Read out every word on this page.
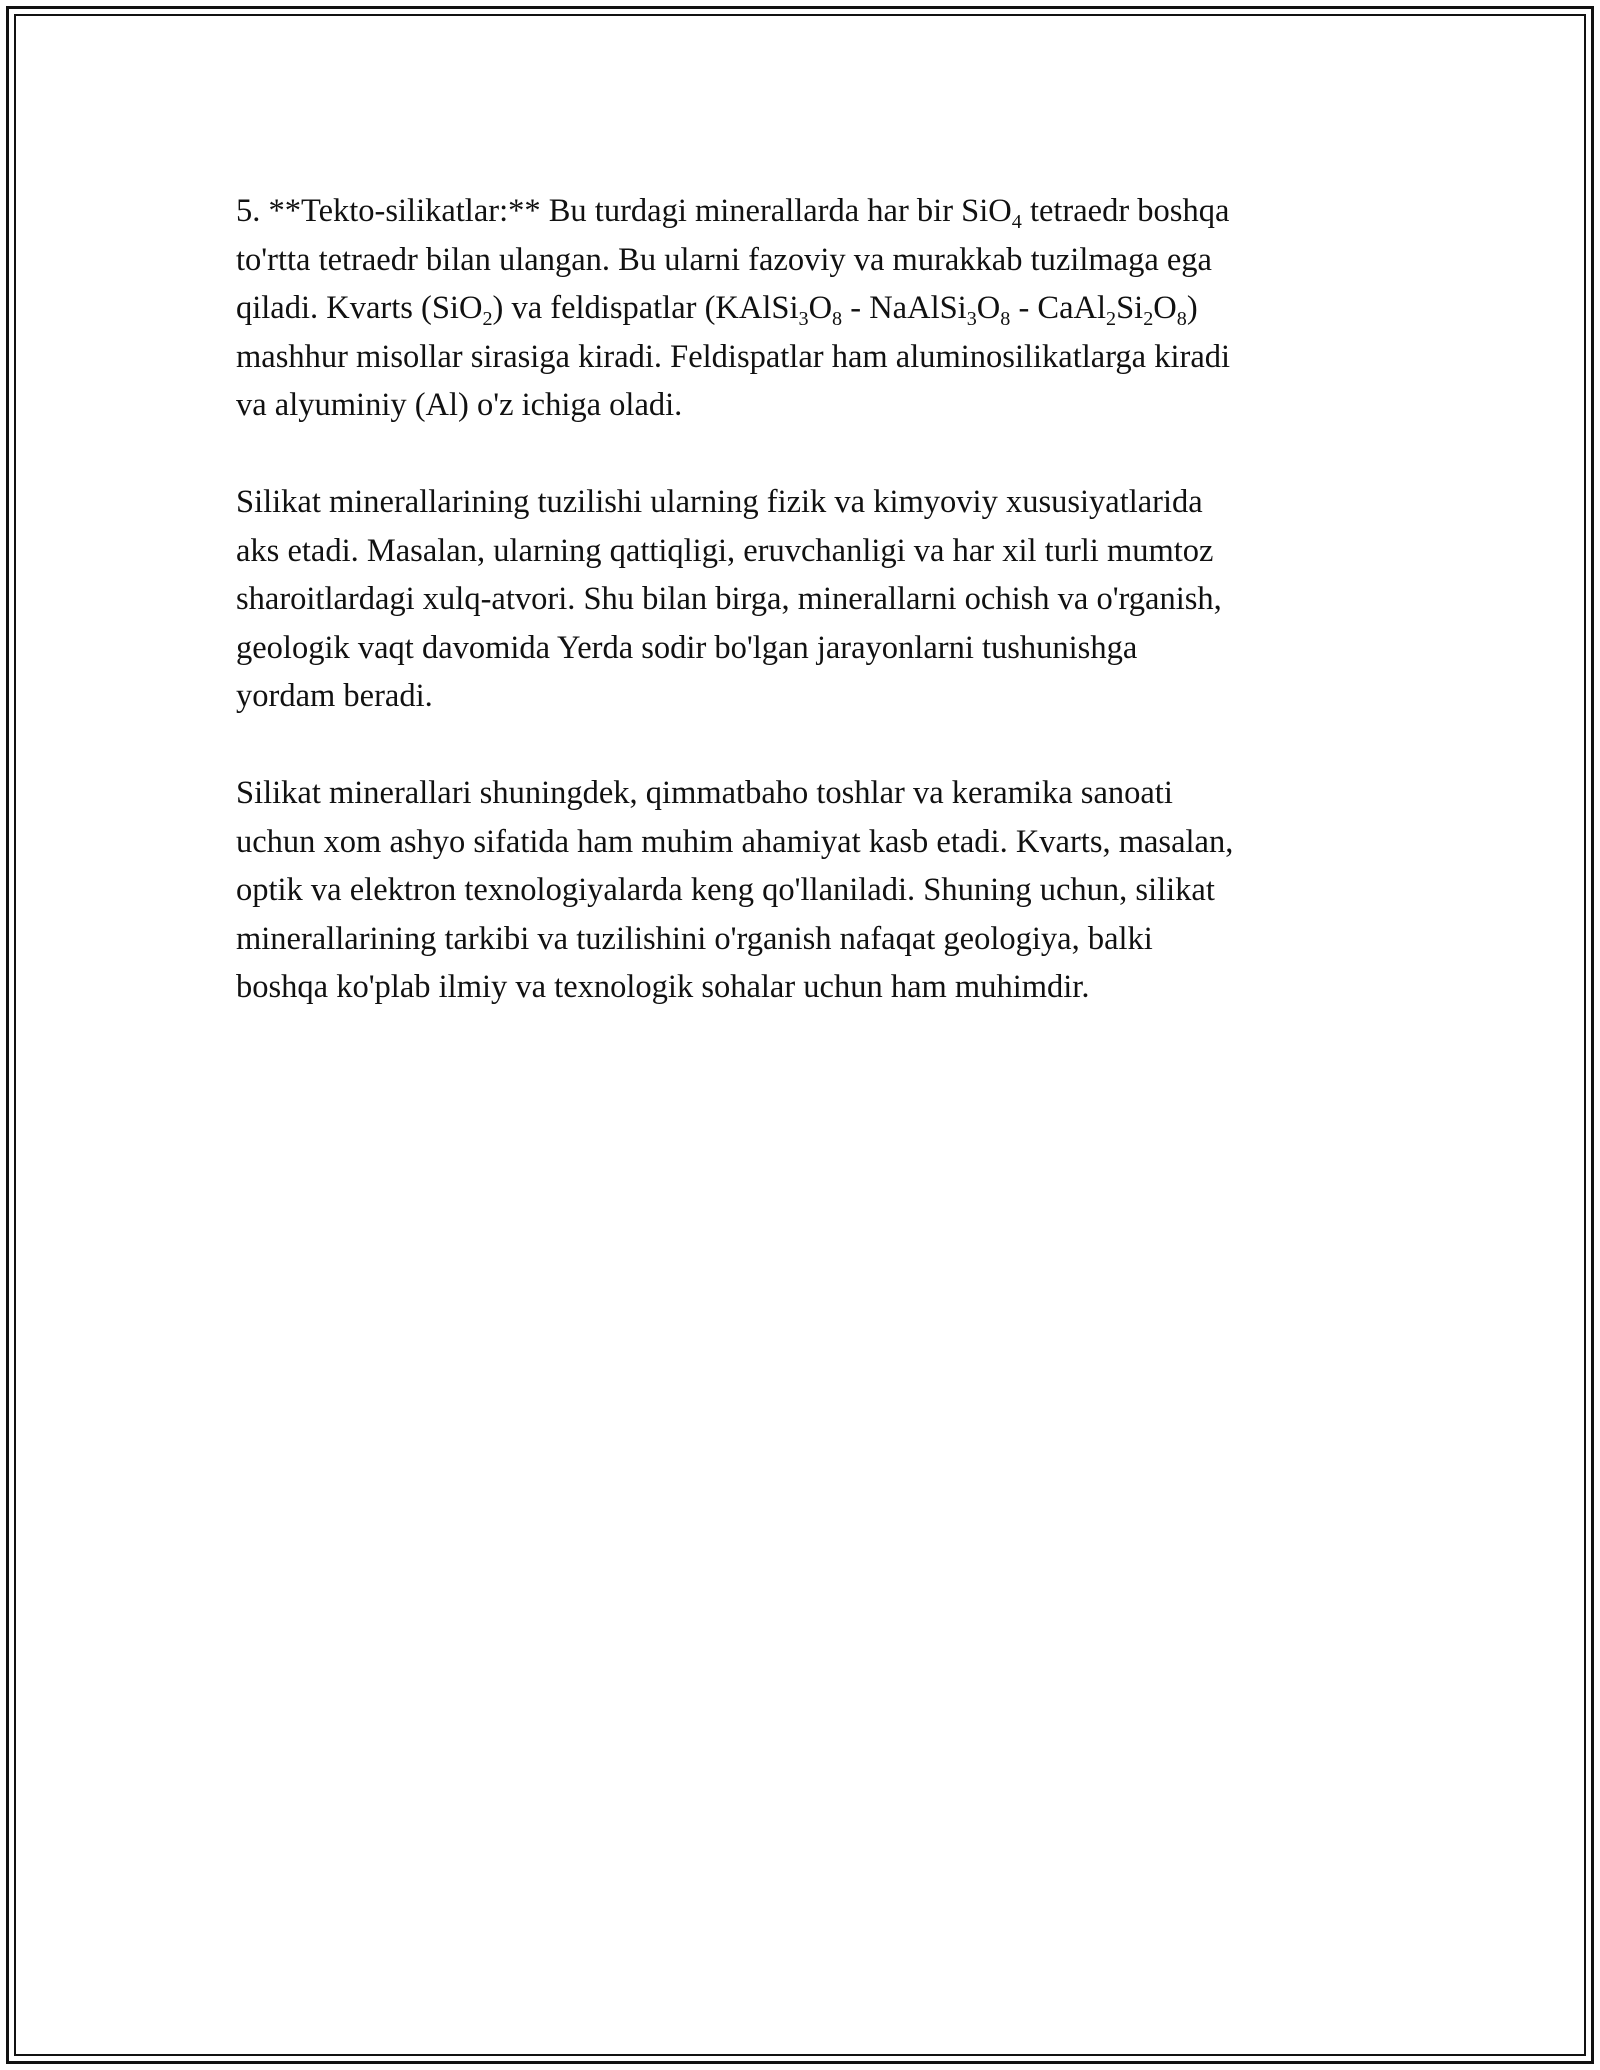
5. **Tekto-silikatlar:** Bu turdagi minerallarda har bir SiO$_4$ tetraedr boshqa
to'rtta tetraedr bilan ulangan. Bu ularni fazoviy va murakkab tuzilmaga ega
qiladi. Kvarts (SiO$_2$) va feldispatlar ($KAlSi_3O_8$ - $NaAlSi_3O_8$ - $CaAl_2Si_2O_8$)
mashhur misollar sirasiga kiradi. Feldispatlar ham aluminosilikatlarga kiradi
va alyuminiy (Al) o'z ichiga oladi.
Silikat minerallarining tuzilishi ularning fizik va kimyoviy xususiyatlarida
aks etadi. Masalan, ularning qattiqligi, eruvchanligi va har xil turli mumtoz
sharoitlardagi xulq-atvori. Shu bilan birga, minerallarni ochish va o'rganish,
geologik vaqt davomida Yerda sodir bo'lgan jarayonlarni tushunishga
yordam beradi.
Silikat minerallari shuningdek, qimmatbaho toshlar va keramika sanoati
uchun xom ashyo sifatida ham muhim ahamiyat kasb etadi. Kvarts, masalan,
optik va elektron texnologiyalarda keng qo'llaniladi. Shuning uchun, silikat
minerallarining tarkibi va tuzilishini o'rganish nafaqat geologiya, balki
boshqa ko'plab ilmiy va texnologik sohalar uchun ham muhimdir.
